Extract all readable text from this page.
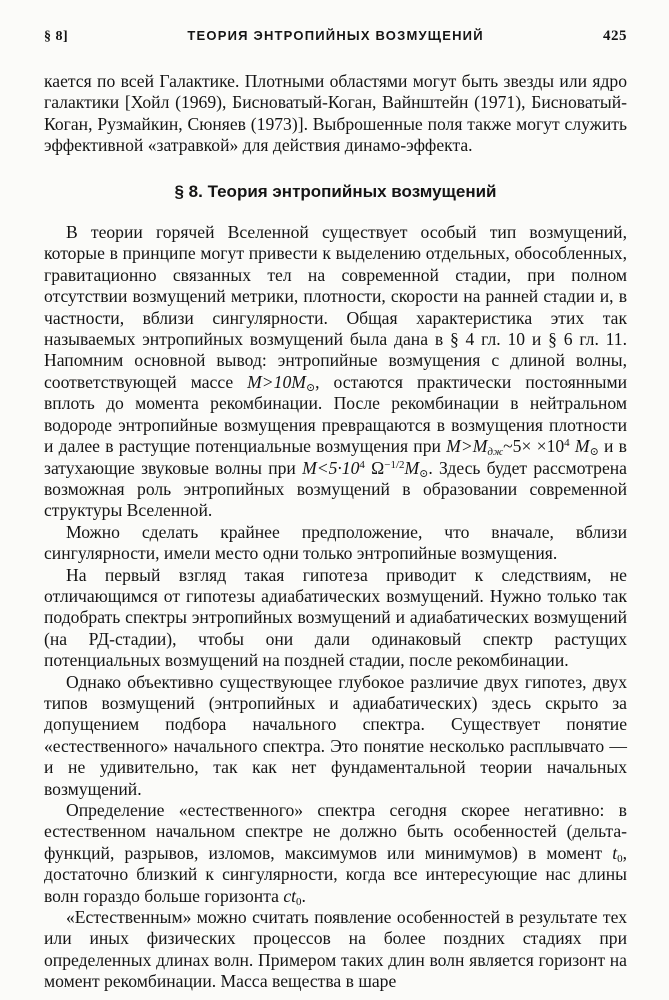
§ 8]	ТЕОРИЯ ЭНТРОПИЙНЫХ ВОЗМУЩЕНИЙ	425

кается по всей Галактике. Плотными областями могут быть звезды или ядро галактики [Хойл (1969), Бисноватый-Коган, Вайнштейн (1971), Бисноватый-Коган, Рузмайкин, Сюняев (1973)]. Выброшенные поля также могут служить эффективной «затравкой» для действия динамо-эффекта.

§ 8. Теория энтропийных возмущений

В теории горячей Вселенной существует особый тип возмущений, которые в принципе могут привести к выделению отдельных, обособленных, гравитационно связанных тел на современной стадии, при полном отсутствии возмущений метрики, плотности, скорости на ранней стадии и, в частности, вблизи сингулярности. Общая характеристика этих так называемых энтропийных возмущений была дана в § 4 гл. 10 и § 6 гл. 11. Напомним основной вывод: энтропийные возмущения с длиной волны, соответствующей массе $M>10M_⊙$, остаются практически постоянными вплоть до момента рекомбинации. После рекомбинации в нейтральном водороде энтропийные возмущения превращаются в возмущения плотности и далее в растущие потенциальные возмущения при $M>M_{дж}\sim 5\times \times 10^4$ $M_⊙$ и в затухающие звуковые волны при $M<5\cdot 10^4$ $\Omega^{-1/2}M_⊙$. Здесь будет рассмотрена возможная роль энтропийных возмущений в образовании современной структуры Вселенной.

Можно сделать крайнее предположение, что вначале, вблизи сингулярности, имели место одни только энтропийные возмущения.

На первый взгляд такая гипотеза приводит к следствиям, не отличающимся от гипотезы адиабатических возмущений. Нужно только так подобрать спектры энтропийных возмущений и адиабатических возмущений (на РД-стадии), чтобы они дали одинаковый спектр растущих потенциальных возмущений на поздней стадии, после рекомбинации.

Однако объективно существующее глубокое различие двух гипотез, двух типов возмущений (энтропийных и адиабатических) здесь скрыто за допущением подбора начального спектра. Существует понятие «естественного» начального спектра. Это понятие несколько расплывчато — и не удивительно, так как нет фундаментальной теории начальных возмущений.

Определение «естественного» спектра сегодня скорее негативно: в естественном начальном спектре не должно быть особенностей (дельта-функций, разрывов, изломов, максимумов или минимумов) в момент $t_0$, достаточно близкий к сингулярности, когда все интересующие нас длины волн гораздо больше горизонта $ct_0$.

«Естественным» можно считать появление особенностей в результате тех или иных физических процессов на более поздних стадиях при определенных длинах волн. Примером таких длин волн является горизонт на момент рекомбинации. Масса вещества в шаре
